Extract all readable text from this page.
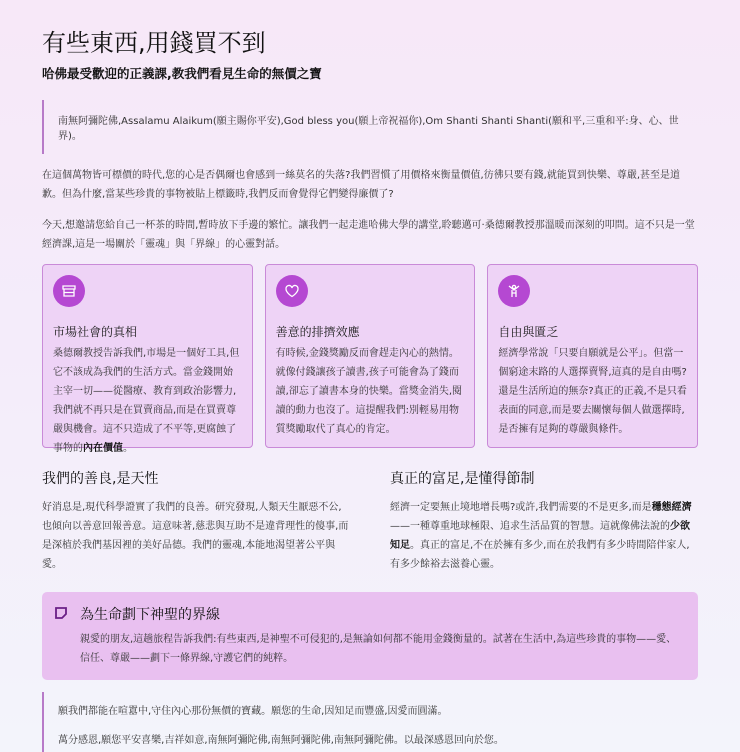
有些東西,用錢買不到
哈佛最受歡迎的正義課,教我們看見生命的無價之寶
南無阿彌陀佛,Assalamu Alaikum(願主賜你平安),God bless you(願上帝祝福你),Om Shanti Shanti Shanti(願和平,三重和平:身、心、世界)。

在這個萬物皆可標價的時代,您的心是否偶爾也會感到一絲莫名的失落?我們習慣了用價格來衡量價值,彷彿只要有錢,就能買到快樂、尊嚴,甚至是道歉。但為什麼,當某些珍貴的事物被貼上標籤時,我們反而會覺得它們變得廉價了?

今天,想邀請您給自己一杯茶的時間,暫時放下手邊的繁忙。讓我們一起走進哈佛大學的講堂,聆聽邁可·桑德爾教授那溫暖而深刻的叩問。這不只是一堂經濟課,這是一場關於「靈魂」與「界線」的心靈對話。

市場社會的真相

桑德爾教授告訴我們,市場是一個好工具,但它不該成為我們的生活方式。當金錢開始主宰一切——從醫療、教育到政治影響力,我們就不再只是在買賣商品,而是在買賣尊嚴與機會。這不只造成了不平等,更腐蝕了事物的內在價值。

善意的排擠效應

有時候,金錢獎勵反而會趕走內心的熱情。就像付錢讓孩子讀書,孩子可能會為了錢而讀,卻忘了讀書本身的快樂。當獎金消失,閱讀的動力也沒了。這提醒我們:別輕易用物質獎勵取代了真心的肯定。

自由與匱乏

經濟學常說「只要自願就是公平」。但當一個窮途末路的人選擇賣腎,這真的是自由嗎?還是生活所迫的無奈?真正的正義,不是只看表面的同意,而是要去關懷每個人做選擇時,是否擁有足夠的尊嚴與條件。

我們的善良,是天性

好消息是,現代科學證實了我們的良善。研究發現,人類天生厭惡不公,也傾向以善意回報善意。這意味著,慈悲與互助不是違背理性的傻事,而是深植於我們基因裡的美好品德。我們的靈魂,本能地渴望著公平與愛。

真正的富足,是懂得節制

經濟一定要無止境地增長嗎?或許,我們需要的不是更多,而是穩態經濟——一種尊重地球極限、追求生活品質的智慧。這就像佛法說的少欲知足。真正的富足,不在於擁有多少,而在於我們有多少時間陪伴家人,有多少餘裕去滋養心靈。

為生命劃下神聖的界線

親愛的朋友,這趟旅程告訴我們:有些東西,是神聖不可侵犯的,是無論如何都不能用金錢衡量的。試著在生活中,為這些珍貴的事物——愛、信任、尊嚴——劃下一條界線,守護它們的純粹。

願我們都能在喧囂中,守住內心那份無價的寶藏。願您的生命,因知足而豐盛,因愛而圓滿。

萬分感恩,願您平安喜樂,吉祥如意,南無阿彌陀佛,南無阿彌陀佛,南無阿彌陀佛。以最深感恩回向於您。
